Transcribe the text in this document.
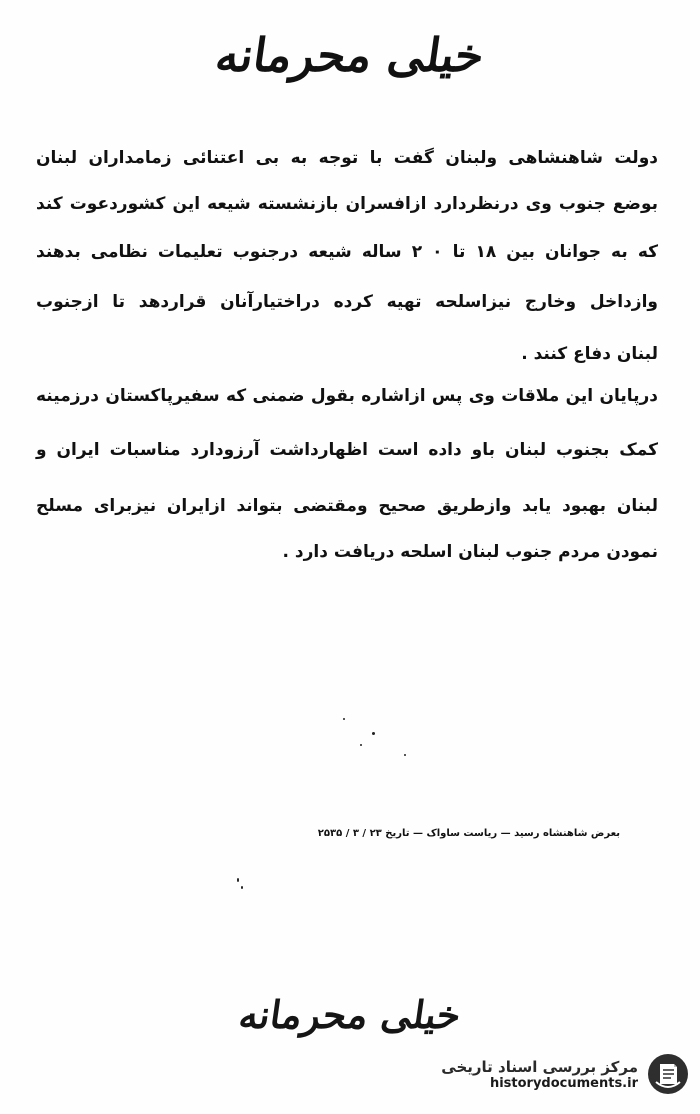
خیلی محرمانه
دولت شاهنشاهی ولبنان گفت با توجه به بی اعتنائی زمامداران لبنان
بوضع جنوب وی درنظردارد ازافسران بازنشسته شیعه این کشوردعوت کند
که به جوانان بین ۱۸ تا ۰ ۲ ساله شیعه درجنوب تعلیمات نظامی بدهند
وازداخل وخارج نیزاسلحه تهیه کرده دراختیارآنان قراردهد تا ازجنوب
لبنان دفاع کنند .
درپایان این ملاقات وی پس ازاشاره بقول ضمنی که سفیرپاکستان درزمینه
کمک بجنوب لبنان باو داده است اظهارداشت آرزودارد مناسبات ایران و
لبنان بهبود یابد وازطریق صحیح ومقتضی بتواند ازایران نیزبرای مسلح
نمودن مردم جنوب لبنان اسلحه دریافت دارد .
بعرض شاهنشاه رسید — ریاست ساواک — تاریخ ۲۳ / ۳ / ۲۵۳۵
خیلی محرمانه
مرکز بررسی اسناد تاریخی
historydocuments.ir
